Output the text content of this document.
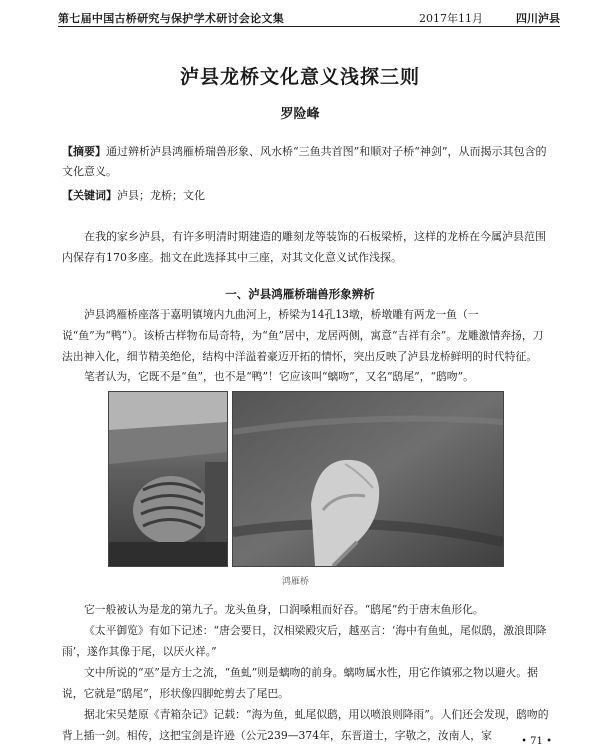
第七届中国古桥研究与保护学术研讨会论文集	2017年11月	四川泸县
泸县龙桥文化意义浅探三则
罗险峰
【摘要】通过辨析泸县鸿雁桥瑞兽形象、风水桥“三鱼共首图”和顺对子桥“神剑”，从而揭示其包含的文化意义。
【关键词】泸县；龙桥；文化
在我的家乡泸县，有许多明清时期建造的雕刻龙等装饰的石板梁桥，这样的龙桥在今属泸县范围内保存有170多座。拙文在此选择其中三座，对其文化意义试作浅探。
一、泸县鸿雁桥瑞兽形象辨析
泸县鸿雁桥座落于嘉明镇境内九曲河上，桥梁为14孔13墩，桥墩雕有两龙一鱼（一说“鱼”为“鸭”）。该桥古样物布局奇特，为“鱼”居中，龙居两侧，寓意“吉祥有余”。龙雕激情奔扬，刀法出神入化，细节精美绝伦，结构中洋溢着豪迈开拓的情怀，突出反映了泸县龙桥鲜明的时代特征。
笔者认为，它既不是“鱼”，也不是“鸭”！它应该叫“螭吻”，又名“鸱尾”，“鸱吻”。
鸿雁桥
它一般被认为是龙的第九子。龙头鱼身，口润嗓粗而好吞。“鸱尾”约于唐末鱼形化。
《太平御览》有如下记述：“唐会要日，汉相梁殿灾后，越巫言：‘海中有鱼虬，尾似鸱，激浪即降雨’，遂作其像于尾，以厌火祥。”
文中所说的“巫”是方士之流，“鱼虬”则是螭吻的前身。螭吻属水性，用它作镇邪之物以避火。据说，它就是“鸱尾”，形状像四脚蛇剪去了尾巴。
据北宋吴楚原《青箱杂记》记载：“海为鱼，虬尾似鸱，用以喷浪则降雨”。人们还会发现，鸱吻的背上插一剑。相传，这把宝剑是许逊（公元239—374年，东晋道士，字敬之，汝南人，家	• 71 •
